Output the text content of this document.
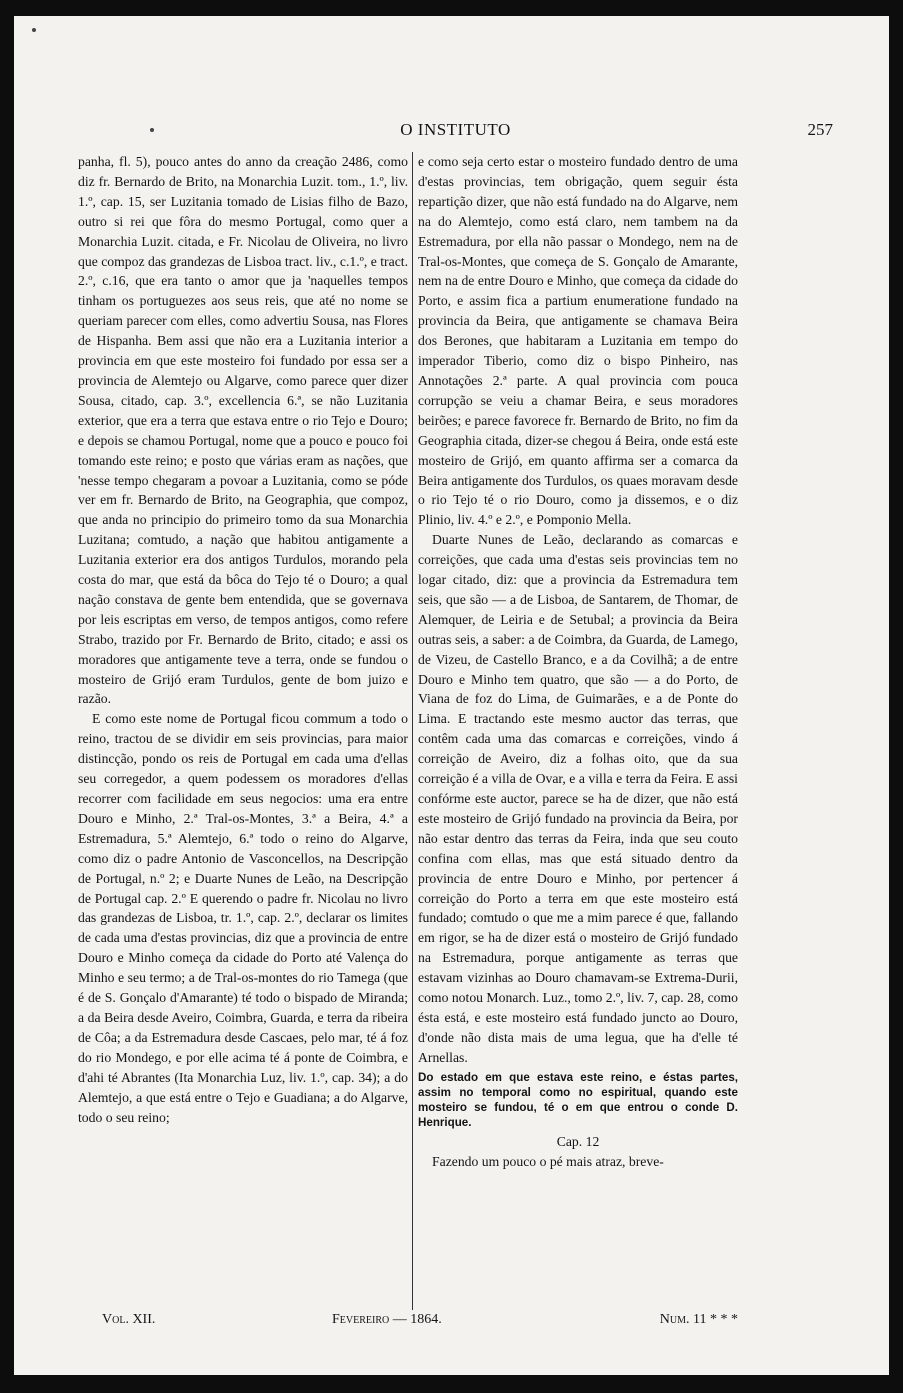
O INSTITUTO	257

panha, fl. 5), pouco antes do anno da creação 2486, como diz fr. Bernardo de Brito, na Monarchia Luzit. tom., 1.º, liv. 1.º, cap. 15, ser Luzitania tomado de Lisias filho de Bazo, outro si rei que fôra do mesmo Portugal, como quer a Monarchia Luzit. citada, e Fr. Nicolau de Oliveira, no livro que compoz das grandezas de Lisboa tract. liv., c.1.º, e tract. 2.º, c.16, que era tanto o amor que ja 'naquelles tempos tinham os portuguezes aos seus reis, que até no nome se queriam parecer com elles, como advertiu Sousa, nas Flores de Hispanha. Bem assi que não era a Luzitania interior a provincia em que este mosteiro foi fundado por essa ser a provincia de Alemtejo ou Algarve, como parece quer dizer Sousa, citado, cap. 3.º, excellencia 6.ª, se não Luzitania exterior, que era a terra que estava entre o rio Tejo e Douro; e depois se chamou Portugal, nome que a pouco e pouco foi tomando este reino; e posto que várias eram as nações, que 'nesse tempo chegaram a povoar a Luzitania, como se póde ver em fr. Bernardo de Brito, na Geographia, que compoz, que anda no principio do primeiro tomo da sua Monarchia Luzitana; comtudo, a nação que habitou antigamente a Luzitania exterior era dos antigos Turdulos, morando pela costa do mar, que está da bôca do Tejo té o Douro; a qual nação constava de gente bem entendida, que se governava por leis escriptas em verso, de tempos antigos, como refere Strabo, trazido por Fr. Bernardo de Brito, citado; e assi os moradores que antigamente teve a terra, onde se fundou o mosteiro de Grijó eram Turdulos, gente de bom juizo e razão.

E como este nome de Portugal ficou commum a todo o reino, tractou de se dividir em seis provincias, para maior distincção, pondo os reis de Portugal em cada uma d'ellas seu corregedor, a quem podessem os moradores d'ellas recorrer com facilidade em seus negocios: uma era entre Douro e Minho, 2.ª Tral-os-Montes, 3.ª a Beira, 4.ª a Estremadura, 5.ª Alemtejo, 6.ª todo o reino do Algarve, como diz o padre Antonio de Vasconcellos, na Descripção de Portugal, n.º 2; e Duarte Nunes de Leão, na Descripção de Portugal cap. 2.º E querendo o padre fr. Nicolau no livro das grandezas de Lisboa, tr. 1.º, cap. 2.º, declarar os limites de cada uma d'estas provincias, diz que a provincia de entre Douro e Minho começa da cidade do Porto até Valença do Minho e seu termo; a de Tral-os-montes do rio Tamega (que é de S. Gonçalo d'Amarante) té todo o bispado de Miranda; a da Beira desde Aveiro, Coimbra, Guarda, e terra da ribeira de Côa; a da Estremadura desde Cascaes, pelo mar, té á foz do rio Mondego, e por elle acima té á ponte de Coimbra, e d'ahi té Abrantes (Ita Monarchia Luz, liv. 1.º, cap. 34); a do Alemtejo, a que está entre o Tejo e Guadiana; a do Algarve, todo o seu reino;

e como seja certo estar o mosteiro fundado dentro de uma d'estas provincias, tem obrigação, quem seguir ésta repartição dizer, que não está fundado na do Algarve, nem na do Alemtejo, como está claro, nem tambem na da Estremadura, por ella não passar o Mondego, nem na de Tral-os-Montes, que começa de S. Gonçalo de Amarante, nem na de entre Douro e Minho, que começa da cidade do Porto, e assim fica a partium enumeratione fundado na provincia da Beira, que antigamente se chamava Beira dos Berones, que habitaram a Luzitania em tempo do imperador Tiberio, como diz o bispo Pinheiro, nas Annotações 2.ª parte. A qual provincia com pouca corrupção se veiu a chamar Beira, e seus moradores beirões; e parece favorece fr. Bernardo de Brito, no fim da Geographia citada, dizer-se chegou á Beira, onde está este mosteiro de Grijó, em quanto affirma ser a comarca da Beira antigamente dos Turdulos, os quaes moravam desde o rio Tejo té o rio Douro, como ja dissemos, e o diz Plinio, liv. 4.º e 2.º, e Pomponio Mella.

Duarte Nunes de Leão, declarando as comarcas e correições, que cada uma d'estas seis provincias tem no logar citado, diz: que a provincia da Estremadura tem seis, que são — a de Lisboa, de Santarem, de Thomar, de Alemquer, de Leiria e de Setubal; a provincia da Beira outras seis, a saber: a de Coimbra, da Guarda, de Lamego, de Vizeu, de Castello Branco, e a da Covilhã; a de entre Douro e Minho tem quatro, que são — a do Porto, de Viana de foz do Lima, de Guimarães, e a de Ponte do Lima. E tractando este mesmo auctor das terras, que contêm cada uma das comarcas e correições, vindo á correição de Aveiro, diz a folhas oito, que da sua correição é a villa de Ovar, e a villa e terra da Feira. E assi confórme este auctor, parece se ha de dizer, que não está este mosteiro de Grijó fundado na provincia da Beira, por não estar dentro das terras da Feira, inda que seu couto confina com ellas, mas que está situado dentro da provincia de entre Douro e Minho, por pertencer á correição do Porto a terra em que este mosteiro está fundado; comtudo o que me a mim parece é que, fallando em rigor, se ha de dizer está o mosteiro de Grijó fundado na Estremadura, porque antigamente as terras que estavam vizinhas ao Douro chamavam-se Extrema-Durii, como notou Monarch. Luz., tomo 2.º, liv. 7, cap. 28, como ésta está, e este mosteiro está fundado juncto ao Douro, d'onde não dista mais de uma legua, que ha d'elle té Arnellas.

Do estado em que estava este reino, e éstas partes, assim no temporal como no espiritual, quando este mosteiro se fundou, té o em que entrou o conde D. Henrique.

Cap. 12

Fazendo um pouco o pé mais atraz, breve-

Vol. XII.	Fevereiro — 1864.	Num. 11 * * *
